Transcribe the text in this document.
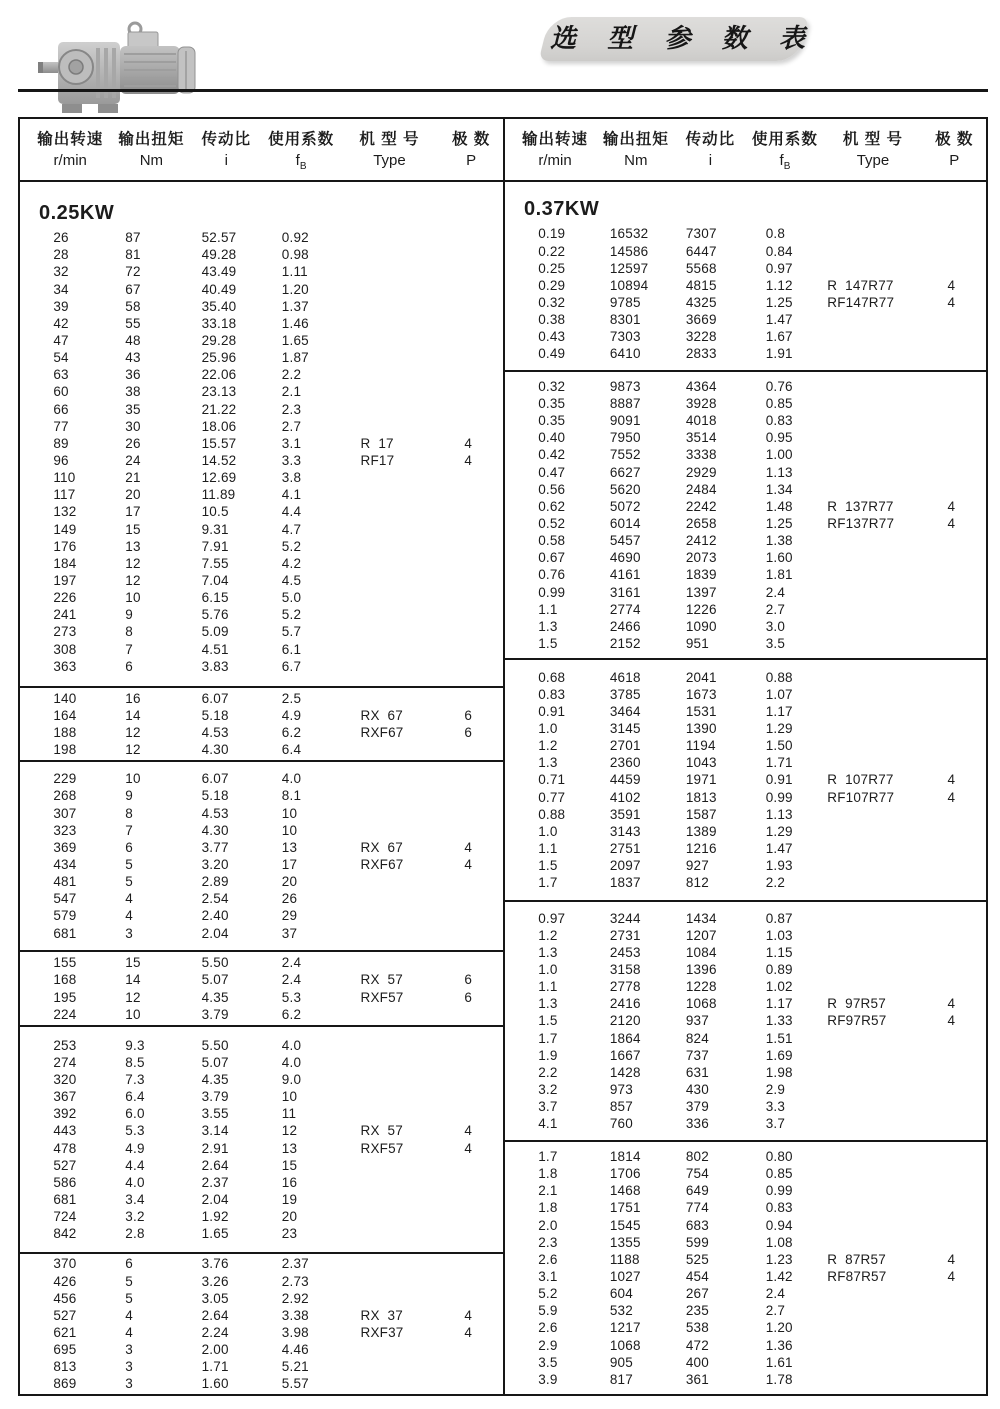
选 型 参 数 表
输出转速 输出扭矩 传动比 使用系数 机 型 号 极 数
r/min	Nm	i	$f_B$	Type	P
0.25KW
26	87	52.57	0.92
28	81	49.28	0.98
32	72	43.49	1.11
34	67	40.49	1.20
39	58	35.40	1.37
42	55	33.18	1.46
47	48	29.28	1.65
54	43	25.96	1.87
63	36	22.06	2.2
60	38	23.13	2.1
66	35	21.22	2.3
77	30	18.06	2.7
89	26	15.57	3.1	R  17	4
96	24	14.52	3.3	RF17	4
110	21	12.69	3.8
117	20	11.89	4.1
132	17	10.5	4.4
149	15	9.31	4.7
176	13	7.91	5.2
184	12	7.55	4.2
197	12	7.04	4.5
226	10	6.15	5.0
241	9	5.76	5.2
273	8	5.09	5.7
308	7	4.51	6.1
363	6	3.83	6.7
140	16	6.07	2.5
164	14	5.18	4.9	RX  67	6
188	12	4.53	6.2	RXF67	6
198	12	4.30	6.4
229	10	6.07	4.0
268	9	5.18	8.1
307	8	4.53	10
323	7	4.30	10
369	6	3.77	13	RX  67	4
434	5	3.20	17	RXF67	4
481	5	2.89	20
547	4	2.54	26
579	4	2.40	29
681	3	2.04	37
155	15	5.50	2.4
168	14	5.07	2.4	RX  57	6
195	12	4.35	5.3	RXF57	6
224	10	3.79	6.2
253	9.3	5.50	4.0
274	8.5	5.07	4.0
320	7.3	4.35	9.0
367	6.4	3.79	10
392	6.0	3.55	11
443	5.3	3.14	12	RX  57	4
478	4.9	2.91	13	RXF57	4
527	4.4	2.64	15
586	4.0	2.37	16
681	3.4	2.04	19
724	3.2	1.92	20
842	2.8	1.65	23
370	6	3.76	2.37
426	5	3.26	2.73
456	5	3.05	2.92
527	4	2.64	3.38	RX  37	4
621	4	2.24	3.98	RXF37	4
695	3	2.00	4.46
813	3	1.71	5.21
869	3	1.60	5.57
输出转速 输出扭矩 传动比 使用系数 机 型 号 极 数
r/min	Nm	i	$f_B$	Type	P
0.37KW
0.19	16532	7307	0.8
0.22	14586	6447	0.84
0.25	12597	5568	0.97
0.29	10894	4815	1.12	R  147R77	4
0.32	9785	4325	1.25	RF147R77	4
0.38	8301	3669	1.47
0.43	7303	3228	1.67
0.49	6410	2833	1.91
0.32	9873	4364	0.76
0.35	8887	3928	0.85
0.35	9091	4018	0.83
0.40	7950	3514	0.95
0.42	7552	3338	1.00
0.47	6627	2929	1.13
0.56	5620	2484	1.34
0.62	5072	2242	1.48	R  137R77	4
0.52	6014	2658	1.25	RF137R77	4
0.58	5457	2412	1.38
0.67	4690	2073	1.60
0.76	4161	1839	1.81
0.99	3161	1397	2.4
1.1	2774	1226	2.7
1.3	2466	1090	3.0
1.5	2152	951	3.5
0.68	4618	2041	0.88
0.83	3785	1673	1.07
0.91	3464	1531	1.17
1.0	3145	1390	1.29
1.2	2701	1194	1.50
1.3	2360	1043	1.71
0.71	4459	1971	0.91	R  107R77	4
0.77	4102	1813	0.99	RF107R77	4
0.88	3591	1587	1.13
1.0	3143	1389	1.29
1.1	2751	1216	1.47
1.5	2097	927	1.93
1.7	1837	812	2.2
0.97	3244	1434	0.87
1.2	2731	1207	1.03
1.3	2453	1084	1.15
1.0	3158	1396	0.89
1.1	2778	1228	1.02
1.3	2416	1068	1.17	R  97R57	4
1.5	2120	937	1.33	RF97R57	4
1.7	1864	824	1.51
1.9	1667	737	1.69
2.2	1428	631	1.98
3.2	973	430	2.9
3.7	857	379	3.3
4.1	760	336	3.7
1.7	1814	802	0.80
1.8	1706	754	0.85
2.1	1468	649	0.99
1.8	1751	774	0.83
2.0	1545	683	0.94
2.3	1355	599	1.08
2.6	1188	525	1.23	R  87R57	4
3.1	1027	454	1.42	RF87R57	4
5.2	604	267	2.4
5.9	532	235	2.7
2.6	1217	538	1.20
2.9	1068	472	1.36
3.5	905	400	1.61
3.9	817	361	1.78
